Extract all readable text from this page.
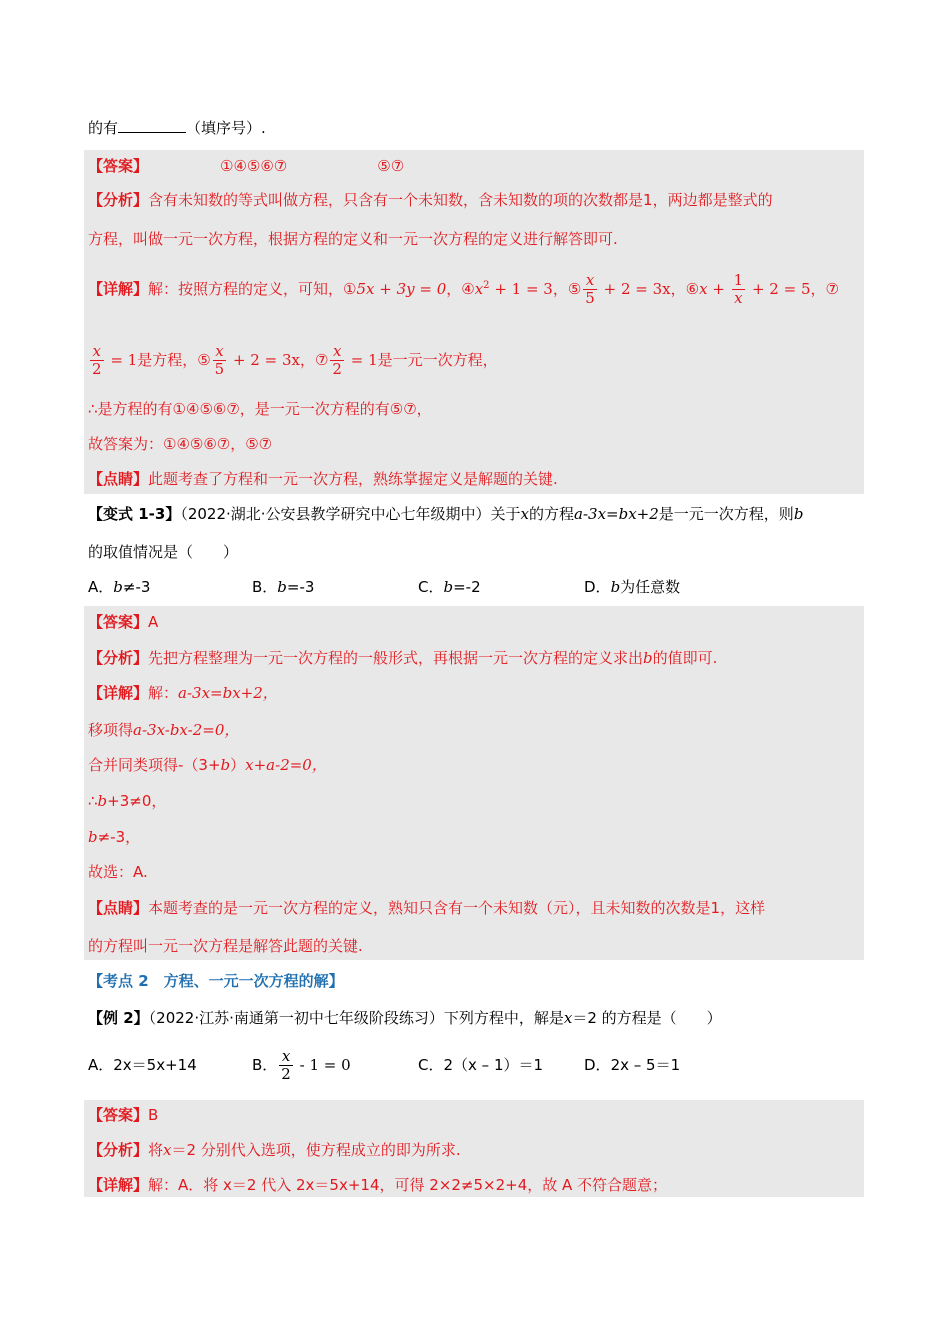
的有	（填序号）.
【答案】	①④⑤⑥⑦	⑤⑦
【分析】含有未知数的等式叫做方程，只含有一个未知数，含未知数的项的次数都是1，两边都是整式的
方程，叫做一元一次方程，根据方程的定义和一元一次方程的定义进行解答即可.
【详解】解：按照方程的定义，可知，①5x + 3y = 0，$④x^2 + 1 = 3$，⑤ $\frac{x}{5} + 2 = 3x$，⑥x + $\frac{1}{x} + 2 = 5$，⑦
$\frac{x}{2} = 1$是方程，⑤ $\frac{x}{5} + 2 = 3x$，⑦ $\frac{x}{2} = 1$是一元一次方程，
∴是方程的有①④⑤⑥⑦，是一元一次方程的有⑤⑦，
故答案为：①④⑤⑥⑦，⑤⑦
【点睛】此题考查了方程和一元一次方程，熟练掌握定义是解题的关键.
【变式 1-3】（2022·湖北·公安县教学研究中心七年级期中）关于x的方程a-3x=bx+2是一元一次方程，则b
的取值情况是（　　）
A．b≠-3	B．b=-3	C．b=-2	D．b为任意数
【答案】A
【分析】先把方程整理为一元一次方程的一般形式，再根据一元一次方程的定义求出b的值即可.
【详解】解：a-3x=bx+2，
移项得a-3x-bx-2=0，
合并同类项得-（3+b）x+a-2=0，
∴b+3≠0，
b≠-3，
故选：A.
【点睛】本题考查的是一元一次方程的定义，熟知只含有一个未知数（元），且未知数的次数是1，这样
的方程叫一元一次方程是解答此题的关键.
【考点 2　方程、一元一次方程的解】
【例 2】（2022·江苏·南通第一初中七年级阶段练习）下列方程中，解是x＝2 的方程是（　　）
A．2x＝5x+14	B． $\frac{x}{2} - 1 = 0$	C．2（x – 1）＝1	D．2x – 5＝1
【答案】B
【分析】将x＝2 分别代入选项，使方程成立的即为所求.
【详解】解：A．将 x＝2 代入 2x＝5x+14，可得 2×2≠5×2+4，故 A 不符合题意；
